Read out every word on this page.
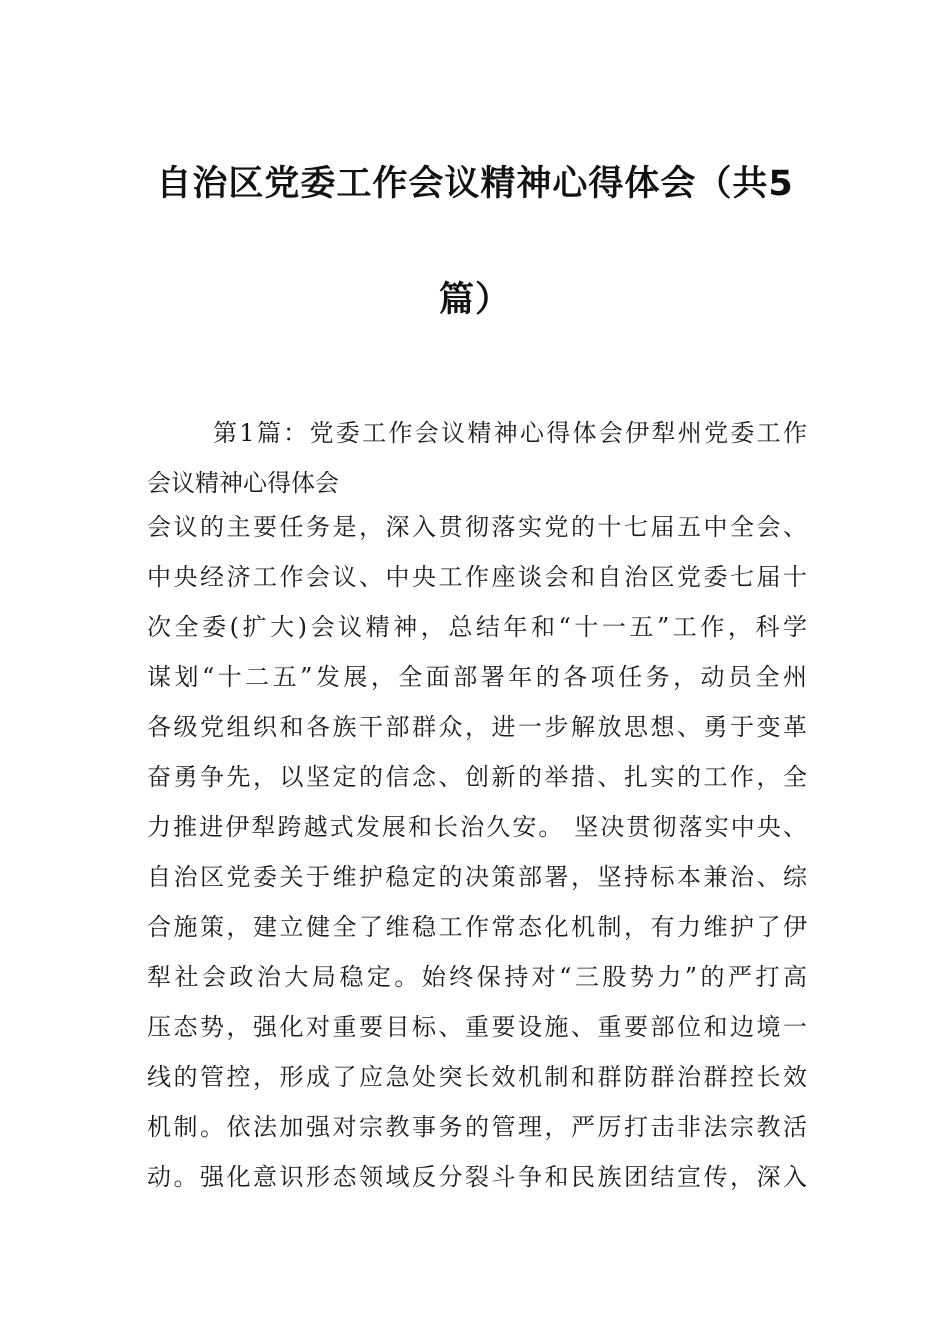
自治区党委工作会议精神心得体会（共5
篇）
第1篇：党委工作会议精神心得体会伊犁州党委工作
会议精神心得体会
会议的主要任务是，深入贯彻落实党的十七届五中全会、
中央经济工作会议、中央工作座谈会和自治区党委七届十
次全委(扩大)会议精神，总结年和“十一五”工作，科学
谋划“十二五”发展，全面部署年的各项任务，动员全州
各级党组织和各族干部群众，进一步解放思想、勇于变革
奋勇争先，以坚定的信念、创新的举措、扎实的工作，全
力推进伊犁跨越式发展和长治久安。 坚决贯彻落实中央、
自治区党委关于维护稳定的决策部署，坚持标本兼治、综
合施策，建立健全了维稳工作常态化机制，有力维护了伊
犁社会政治大局稳定。始终保持对“三股势力”的严打高
压态势，强化对重要目标、重要设施、重要部位和边境一
线的管控，形成了应急处突长效机制和群防群治群控长效
机制。依法加强对宗教事务的管理，严厉打击非法宗教活
动。强化意识形态领域反分裂斗争和民族团结宣传，深入
